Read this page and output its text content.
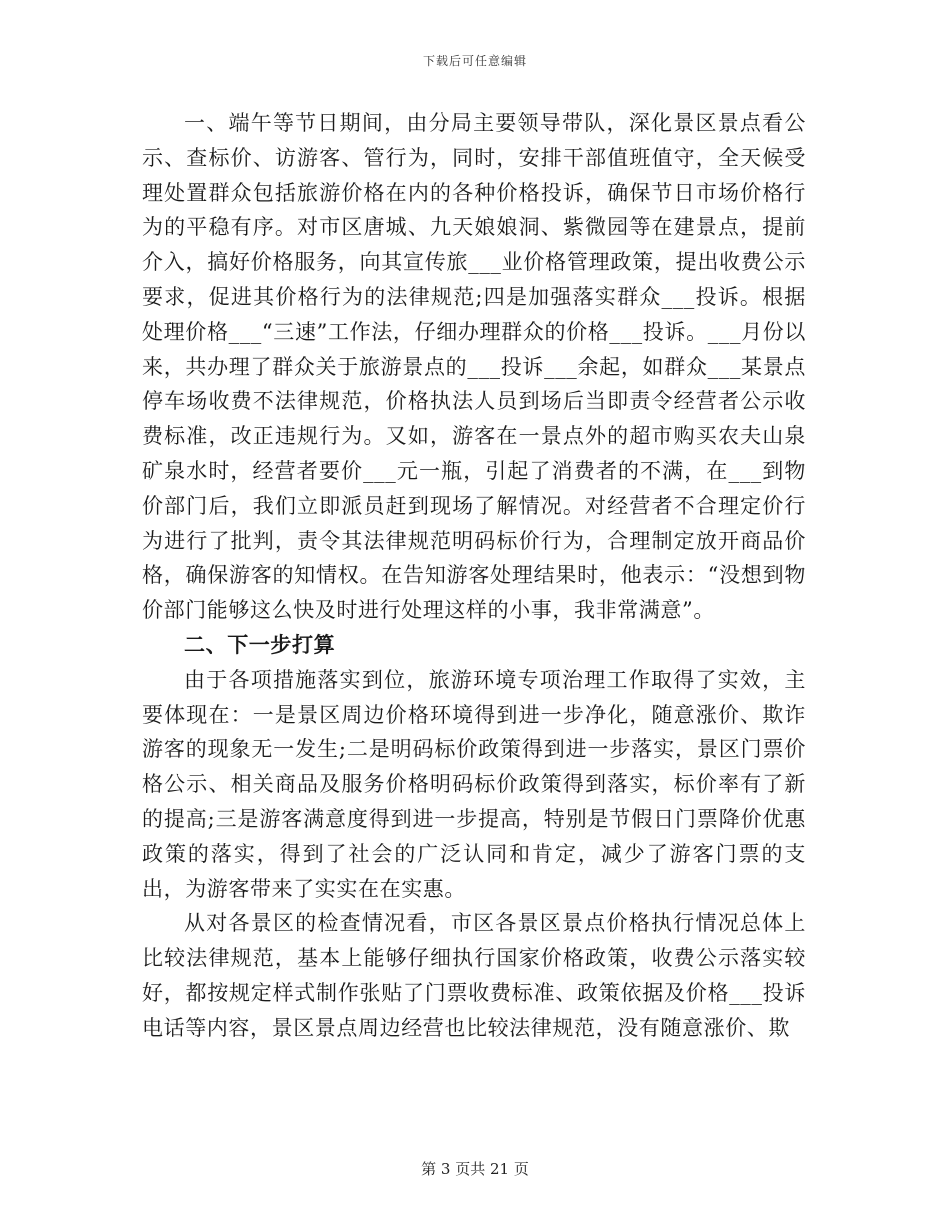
下载后可任意编辑

一、端午等节日期间，由分局主要领导带队，深化景区景点看公示、查标价、访游客、管行为，同时，安排干部值班值守，全天候受理处置群众包括旅游价格在内的各种价格投诉，确保节日市场价格行为的平稳有序。对市区唐城、九天娘娘洞、紫微园等在建景点，提前介入，搞好价格服务，向其宣传旅___业价格管理政策，提出收费公示要求，促进其价格行为的法律规范;四是加强落实群众___投诉。根据处理价格___“三速”工作法，仔细办理群众的价格___投诉。___月份以来，共办理了群众关于旅游景点的___投诉___余起，如群众___某景点停车场收费不法律规范，价格执法人员到场后当即责令经营者公示收费标准，改正违规行为。又如，游客在一景点外的超市购买农夫山泉矿泉水时，经营者要价___元一瓶，引起了消费者的不满，在___到物价部门后，我们立即派员赶到现场了解情况。对经营者不合理定价行为进行了批判，责令其法律规范明码标价行为，合理制定放开商品价格，确保游客的知情权。在告知游客处理结果时，他表示：“没想到物价部门能够这么快及时进行处理这样的小事，我非常满意”。

二、下一步打算

由于各项措施落实到位，旅游环境专项治理工作取得了实效，主要体现在：一是景区周边价格环境得到进一步净化，随意涨价、欺诈游客的现象无一发生;二是明码标价政策得到进一步落实，景区门票价格公示、相关商品及服务价格明码标价政策得到落实，标价率有了新的提高;三是游客满意度得到进一步提高，特别是节假日门票降价优惠政策的落实，得到了社会的广泛认同和肯定，减少了游客门票的支出，为游客带来了实实在在实惠。

从对各景区的检查情况看，市区各景区景点价格执行情况总体上比较法律规范，基本上能够仔细执行国家价格政策，收费公示落实较好，都按规定样式制作张贴了门票收费标准、政策依据及价格___投诉电话等内容，景区景点周边经营也比较法律规范，没有随意涨价、欺

第 3 页共 21 页
